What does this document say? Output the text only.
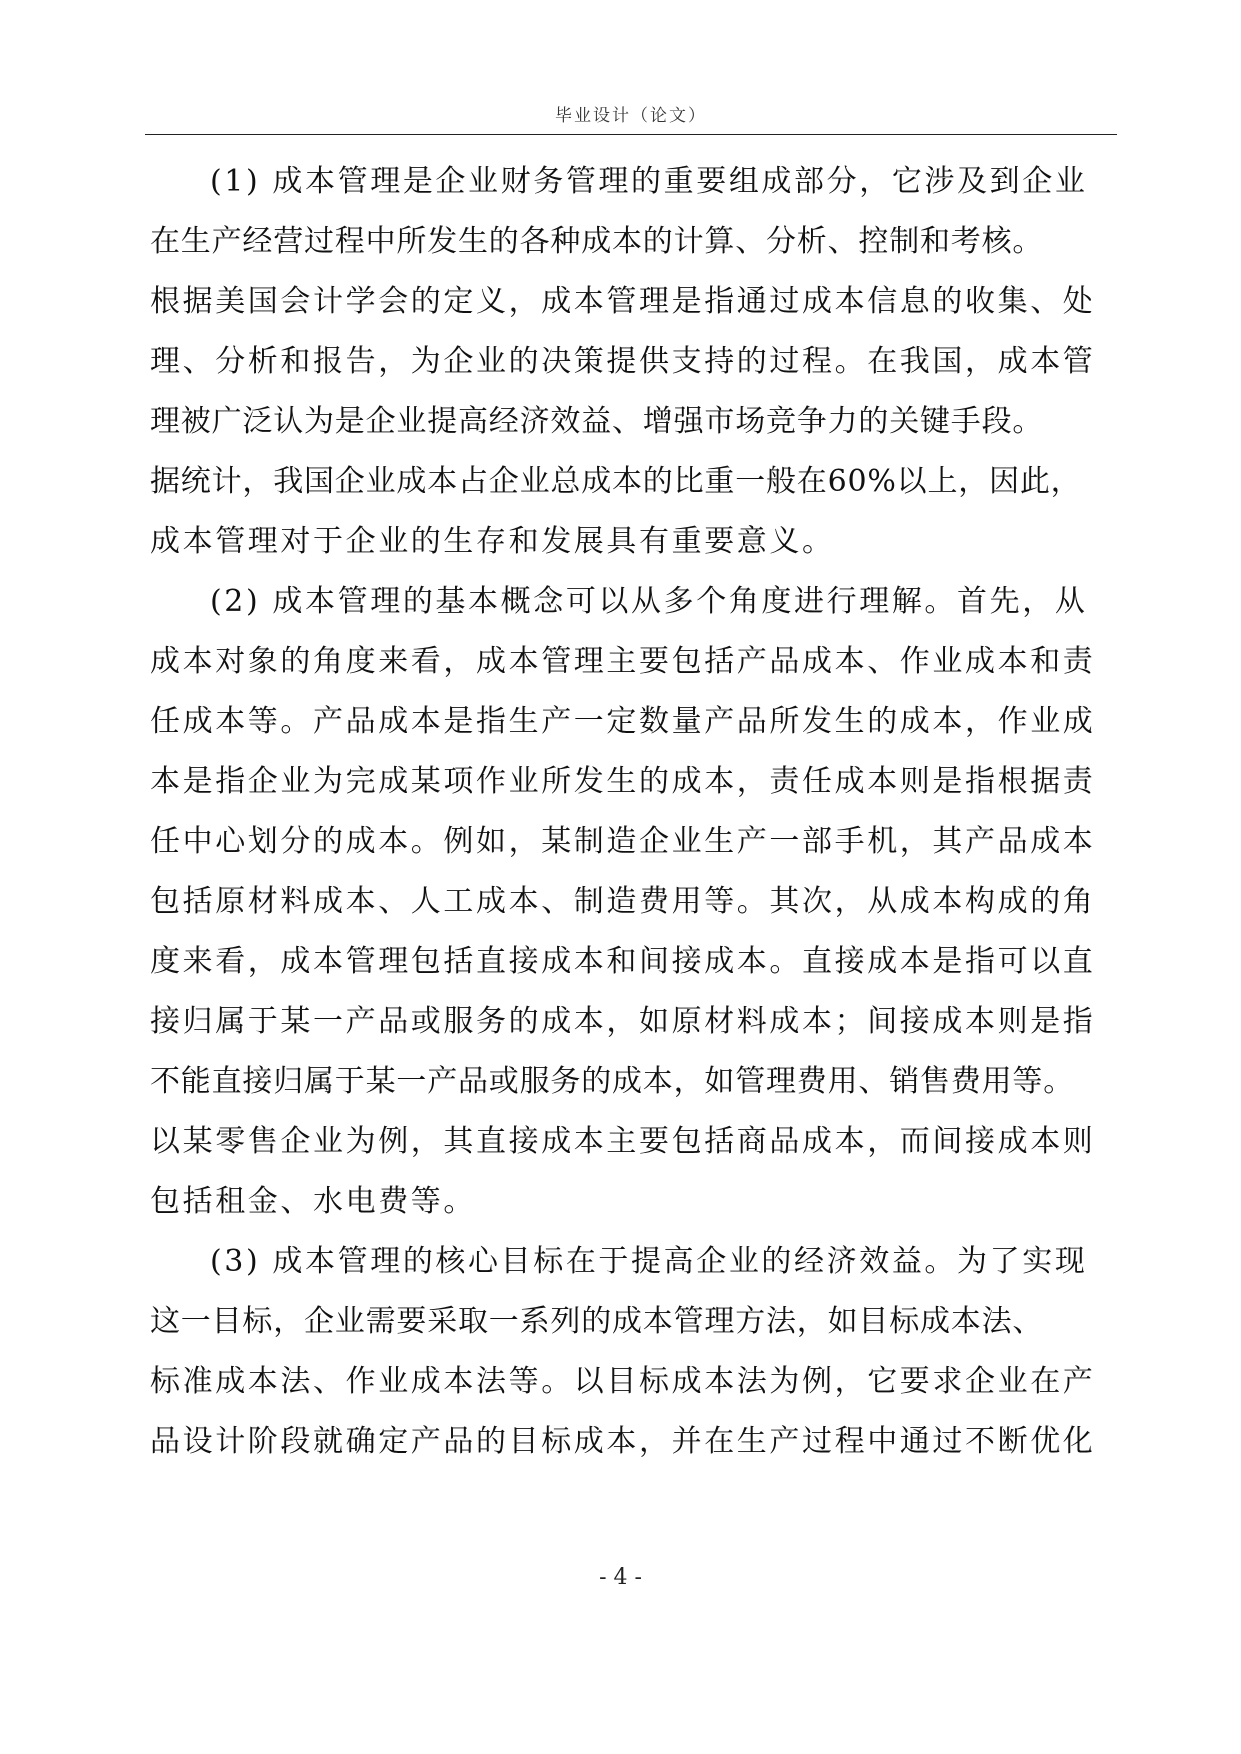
毕业设计（论文）
(1) 成本管理是企业财务管理的重要组成部分，它涉及到企业
在生产经营过程中所发生的各种成本的计算、分析、控制和考核。
根据美国会计学会的定义，成本管理是指通过成本信息的收集、处
理、分析和报告，为企业的决策提供支持的过程。在我国，成本管
理被广泛认为是企业提高经济效益、增强市场竞争力的关键手段。
据统计，我国企业成本占企业总成本的比重一般在60%以上，因此，
成本管理对于企业的生存和发展具有重要意义。
(2) 成本管理的基本概念可以从多个角度进行理解。首先，从
成本对象的角度来看，成本管理主要包括产品成本、作业成本和责
任成本等。产品成本是指生产一定数量产品所发生的成本，作业成
本是指企业为完成某项作业所发生的成本，责任成本则是指根据责
任中心划分的成本。例如，某制造企业生产一部手机，其产品成本
包括原材料成本、人工成本、制造费用等。其次，从成本构成的角
度来看，成本管理包括直接成本和间接成本。直接成本是指可以直
接归属于某一产品或服务的成本，如原材料成本；间接成本则是指
不能直接归属于某一产品或服务的成本，如管理费用、销售费用等。
以某零售企业为例，其直接成本主要包括商品成本，而间接成本则
包括租金、水电费等。
(3) 成本管理的核心目标在于提高企业的经济效益。为了实现
这一目标，企业需要采取一系列的成本管理方法，如目标成本法、
标准成本法、作业成本法等。以目标成本法为例，它要求企业在产
品设计阶段就确定产品的目标成本，并在生产过程中通过不断优化
- 4 -
